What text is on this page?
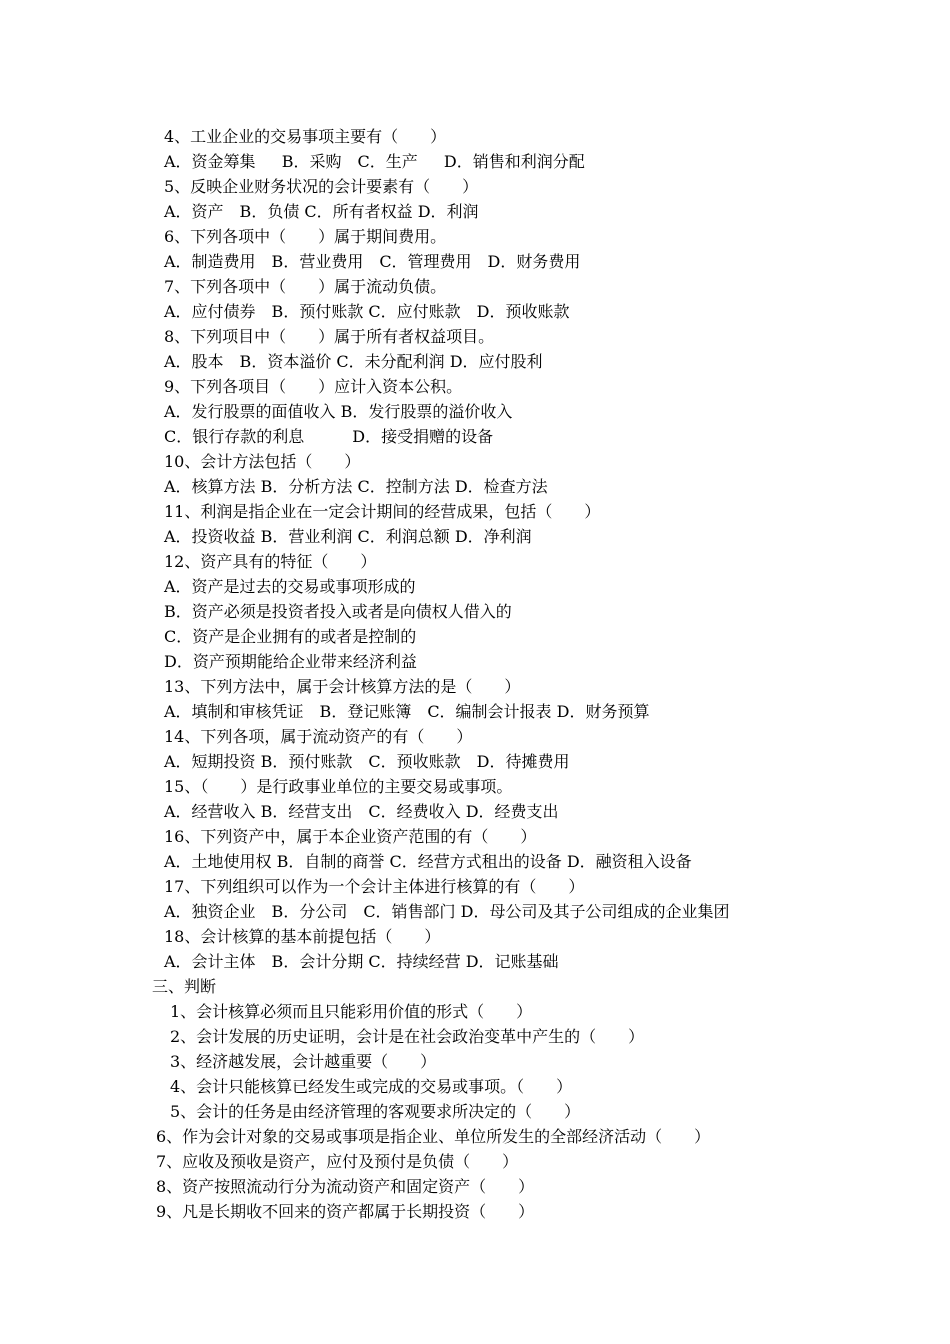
4、工业企业的交易事项主要有（　　）
A．资金筹集　  B．采购　C．生产　  D．销售和利润分配
5、反映企业财务状况的会计要素有（　　）
A．资产　B．负债 C．所有者权益 D．利润
6、下列各项中（　　）属于期间费用。
A．制造费用　B．营业费用　C．管理费用　D．财务费用
7、下列各项中（　　）属于流动负债。
A．应付债券　B．预付账款 C．应付账款　D．预收账款
8、下列项目中（　　）属于所有者权益项目。
A．股本　B．资本溢价 C．未分配利润 D．应付股利
9、下列各项目（　　）应计入资本公积。
A．发行股票的面值收入 B．发行股票的溢价收入
C．银行存款的利息　　　D．接受捐赠的设备
10、会计方法包括（　　）
A．核算方法 B．分析方法 C．控制方法 D．检查方法
11、利润是指企业在一定会计期间的经营成果，包括（　　）
A．投资收益 B．营业利润 C．利润总额 D．净利润
12、资产具有的特征（　　）
A．资产是过去的交易或事项形成的
B．资产必须是投资者投入或者是向债权人借入的
C．资产是企业拥有的或者是控制的
D．资产预期能给企业带来经济利益
13、下列方法中，属于会计核算方法的是（　　）
A．填制和审核凭证　B．登记账簿　C．编制会计报表 D．财务预算
14、下列各项，属于流动资产的有（　　）
A．短期投资 B．预付账款　C．预收账款　D．待摊费用
15、（　　）是行政事业单位的主要交易或事项。
A．经营收入 B．经营支出　C．经费收入 D．经费支出
16、下列资产中，属于本企业资产范围的有（　　）
A．土地使用权 B．自制的商誉 C．经营方式租出的设备 D．融资租入设备
17、下列组织可以作为一个会计主体进行核算的有（　　）
A．独资企业　B．分公司　C．销售部门 D．母公司及其子公司组成的企业集团
18、会计核算的基本前提包括（　　）
A．会计主体　B．会计分期 C．持续经营 D．记账基础
三、判断
1、会计核算必须而且只能彩用价值的形式（　　）
2、会计发展的历史证明，会计是在社会政治变革中产生的（　　）
3、经济越发展，会计越重要（　　）
4、会计只能核算已经发生或完成的交易或事项。（　　）
5、会计的任务是由经济管理的客观要求所决定的（　　）
6、作为会计对象的交易或事项是指企业、单位所发生的全部经济活动（　　）
7、应收及预收是资产，应付及预付是负债（　　）
8、资产按照流动行分为流动资产和固定资产（　　）
9、凡是长期收不回来的资产都属于长期投资（　　）
